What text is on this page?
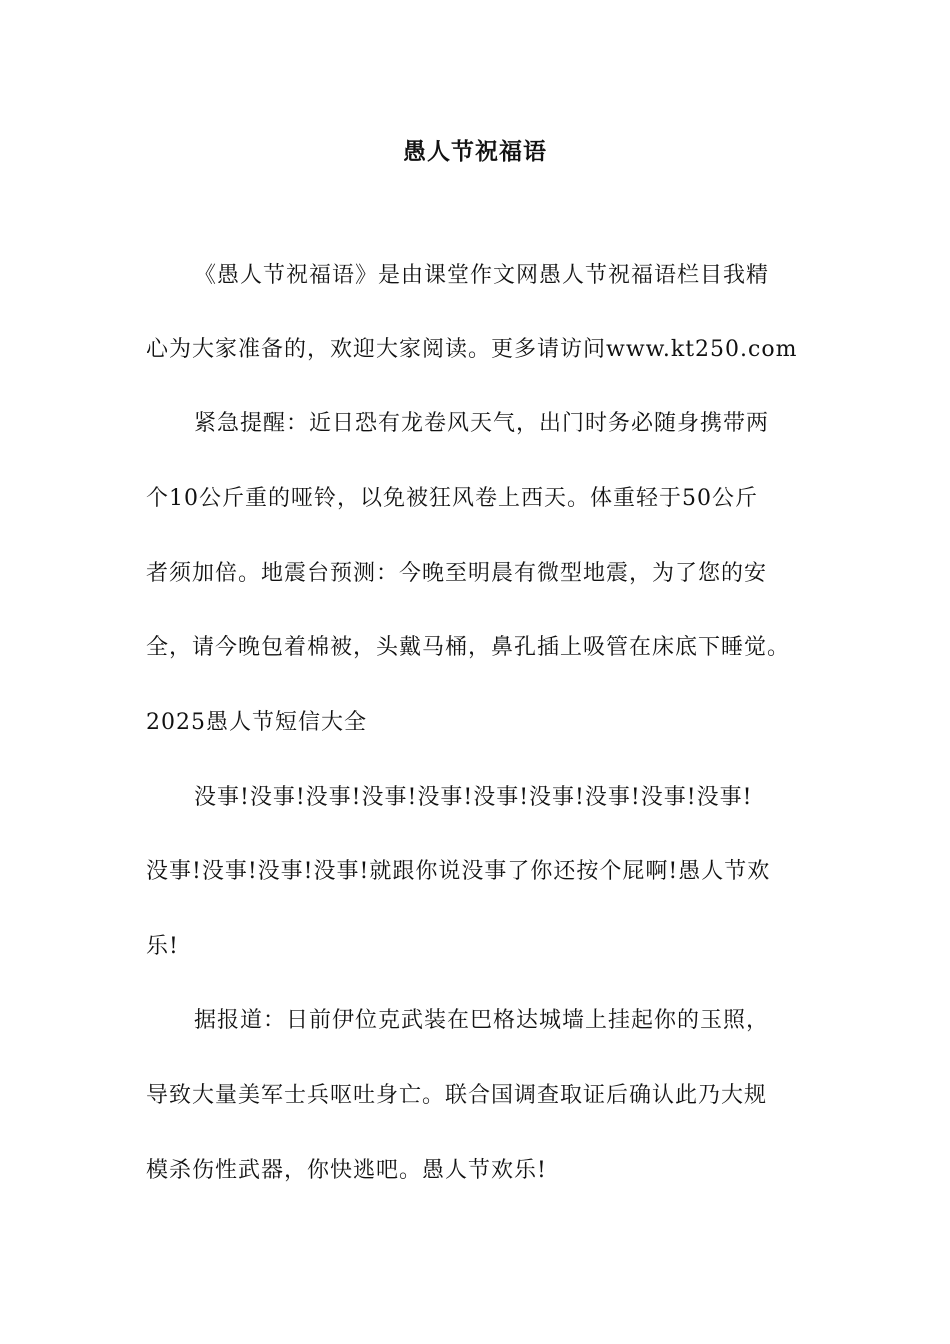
愚人节祝福语
《愚人节祝福语》是由课堂作文网愚人节祝福语栏目我精
心为大家准备的，欢迎大家阅读。更多请访问www.kt250.com
紧急提醒：近日恐有龙卷风天气，出门时务必随身携带两
个10公斤重的哑铃，以免被狂风卷上西天。体重轻于50公斤
者须加倍。地震台预测：今晚至明晨有微型地震，为了您的安
全，请今晚包着棉被，头戴马桶，鼻孔插上吸管在床底下睡觉。
2025愚人节短信大全
没事!没事!没事!没事!没事!没事!没事!没事!没事!没事!
没事!没事!没事!没事!就跟你说没事了你还按个屁啊!愚人节欢
乐!
据报道：日前伊位克武装在巴格达城墙上挂起你的玉照，
导致大量美军士兵呕吐身亡。联合国调查取证后确认此乃大规
模杀伤性武器，你快逃吧。愚人节欢乐!
